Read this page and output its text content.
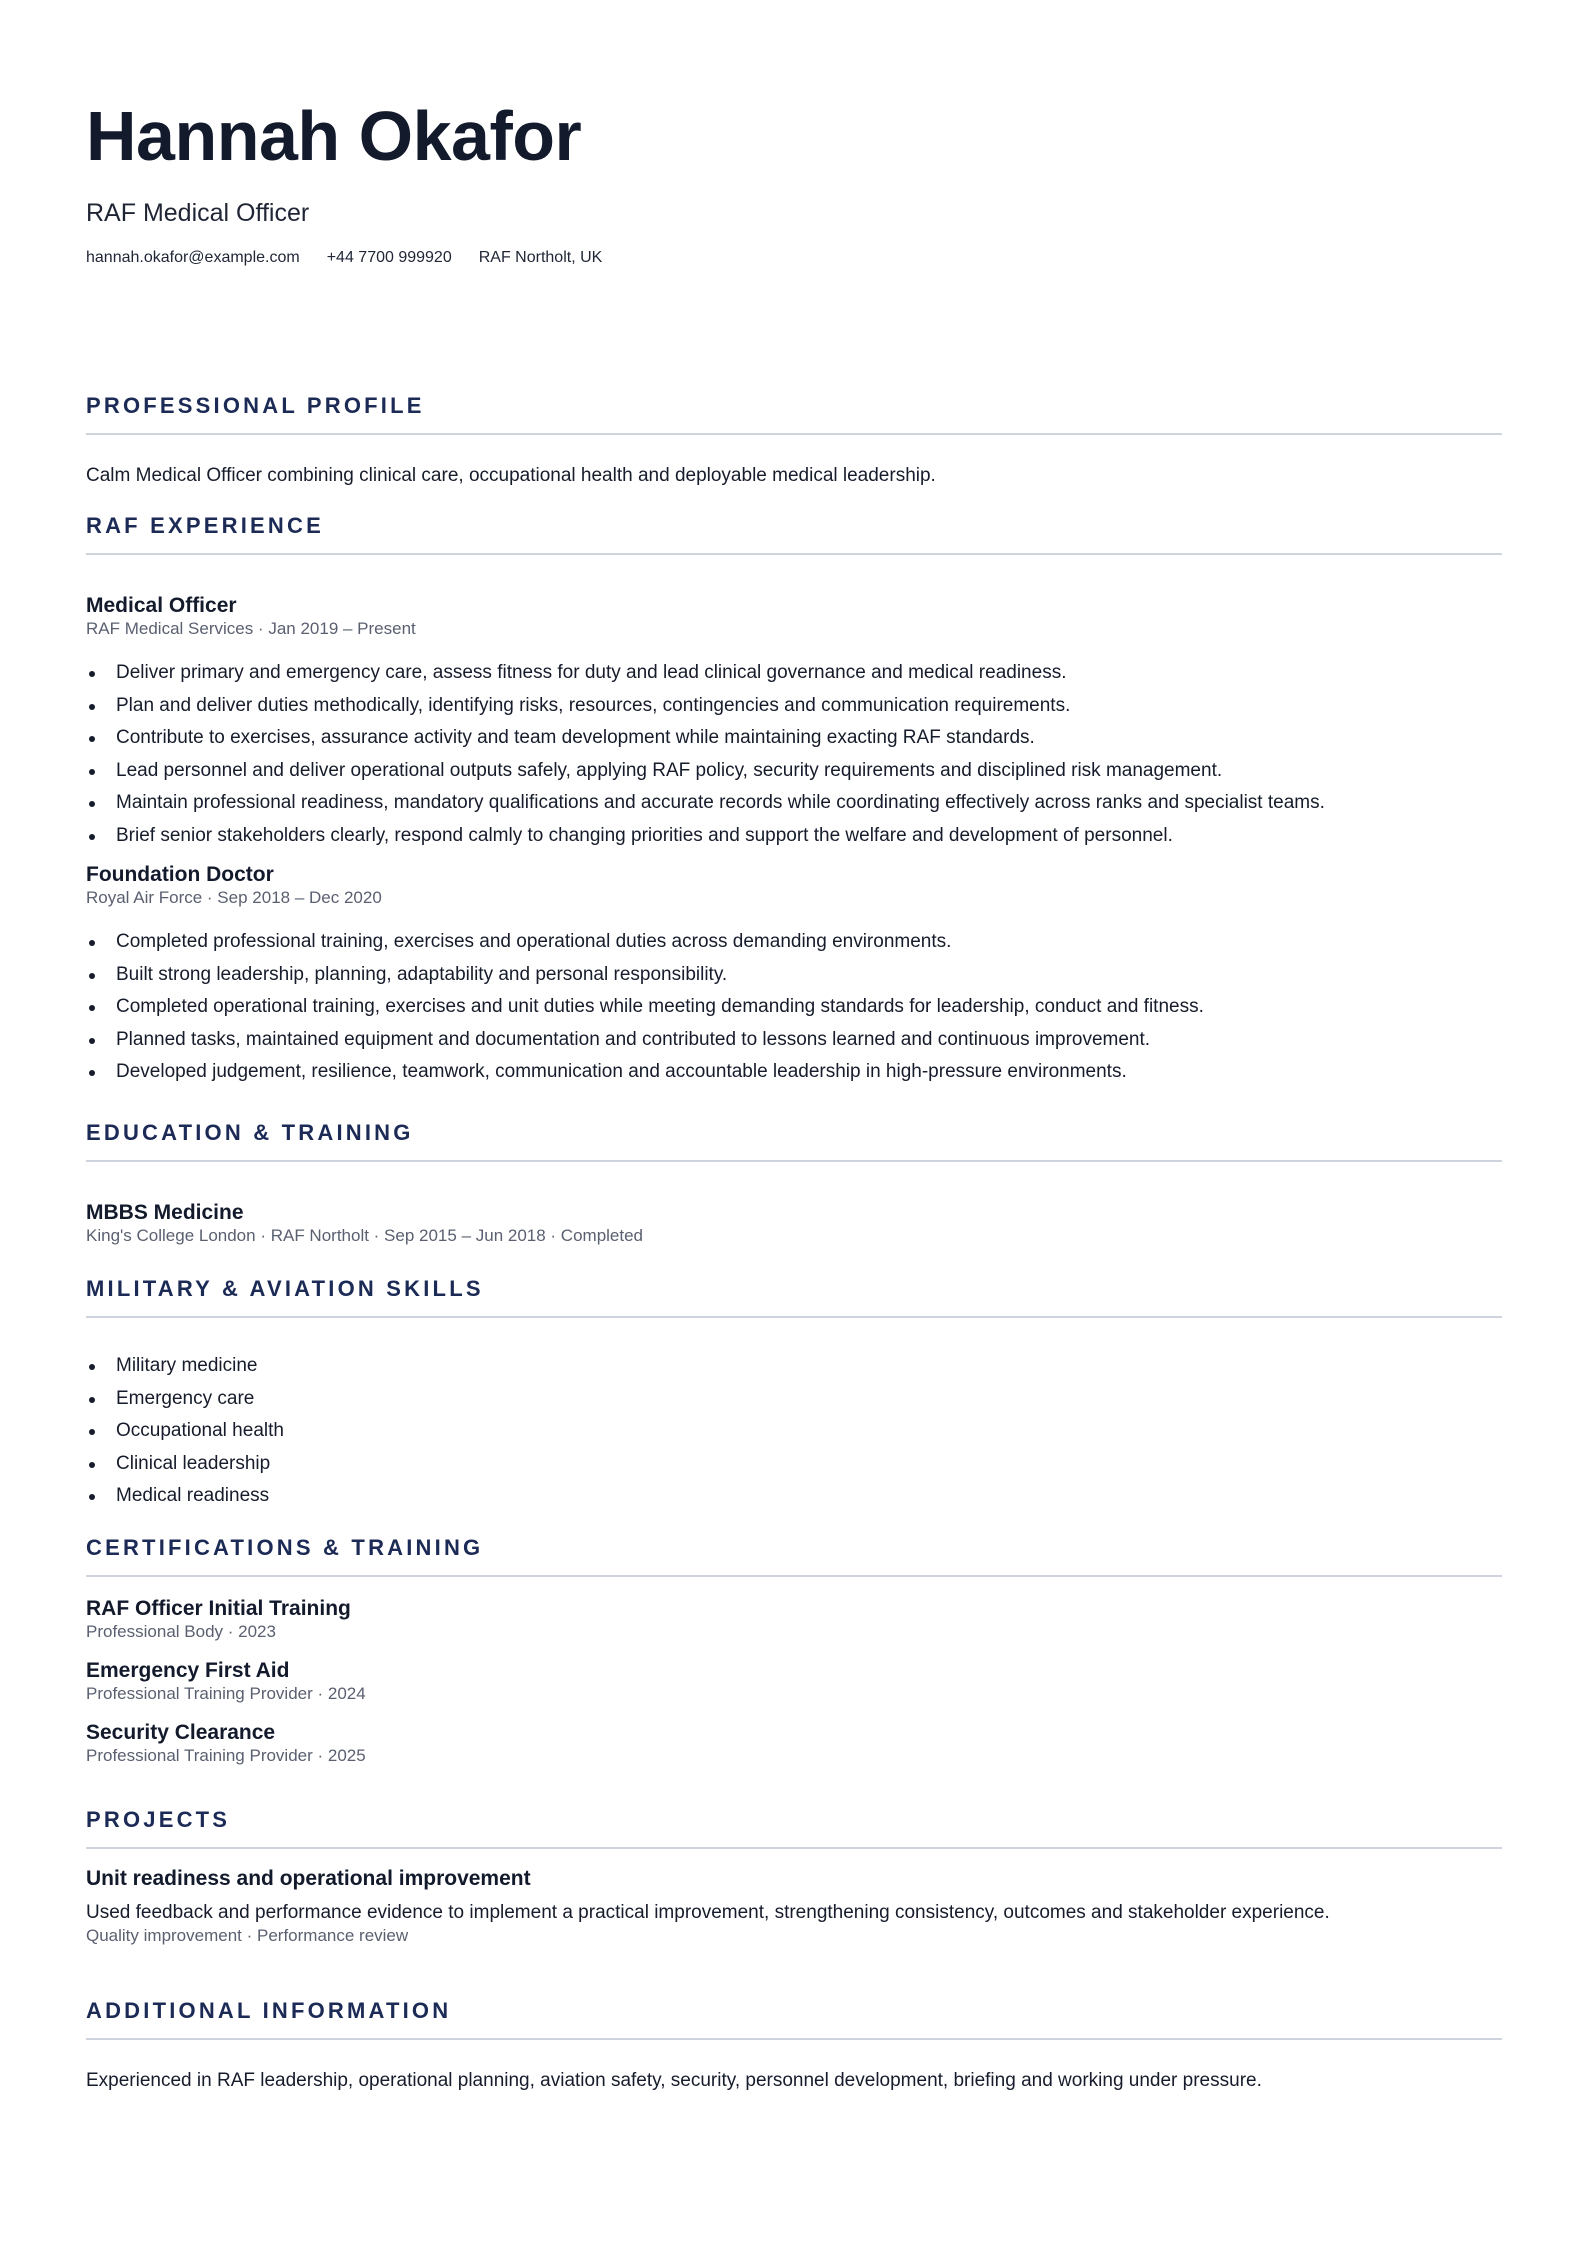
Hannah Okafor
RAF Medical Officer
hannah.okafor@example.com +44 7700 999920 RAF Northolt, UK
PROFESSIONAL PROFILE
Calm Medical Officer combining clinical care, occupational health and deployable medical leadership.
RAF EXPERIENCE
Medical Officer
RAF Medical Services · Jan 2019 – Present
Deliver primary and emergency care, assess fitness for duty and lead clinical governance and medical readiness.
Plan and deliver duties methodically, identifying risks, resources, contingencies and communication requirements.
Contribute to exercises, assurance activity and team development while maintaining exacting RAF standards.
Lead personnel and deliver operational outputs safely, applying RAF policy, security requirements and disciplined risk management.
Maintain professional readiness, mandatory qualifications and accurate records while coordinating effectively across ranks and specialist teams.
Brief senior stakeholders clearly, respond calmly to changing priorities and support the welfare and development of personnel.
Foundation Doctor
Royal Air Force · Sep 2018 – Dec 2020
Completed professional training, exercises and operational duties across demanding environments.
Built strong leadership, planning, adaptability and personal responsibility.
Completed operational training, exercises and unit duties while meeting demanding standards for leadership, conduct and fitness.
Planned tasks, maintained equipment and documentation and contributed to lessons learned and continuous improvement.
Developed judgement, resilience, teamwork, communication and accountable leadership in high-pressure environments.
EDUCATION & TRAINING
MBBS Medicine
King's College London · RAF Northolt · Sep 2015 – Jun 2018 · Completed
MILITARY & AVIATION SKILLS
Military medicine
Emergency care
Occupational health
Clinical leadership
Medical readiness
CERTIFICATIONS & TRAINING
RAF Officer Initial Training
Professional Body · 2023
Emergency First Aid
Professional Training Provider · 2024
Security Clearance
Professional Training Provider · 2025
PROJECTS
Unit readiness and operational improvement
Used feedback and performance evidence to implement a practical improvement, strengthening consistency, outcomes and stakeholder experience.
Quality improvement · Performance review
ADDITIONAL INFORMATION
Experienced in RAF leadership, operational planning, aviation safety, security, personnel development, briefing and working under pressure.
